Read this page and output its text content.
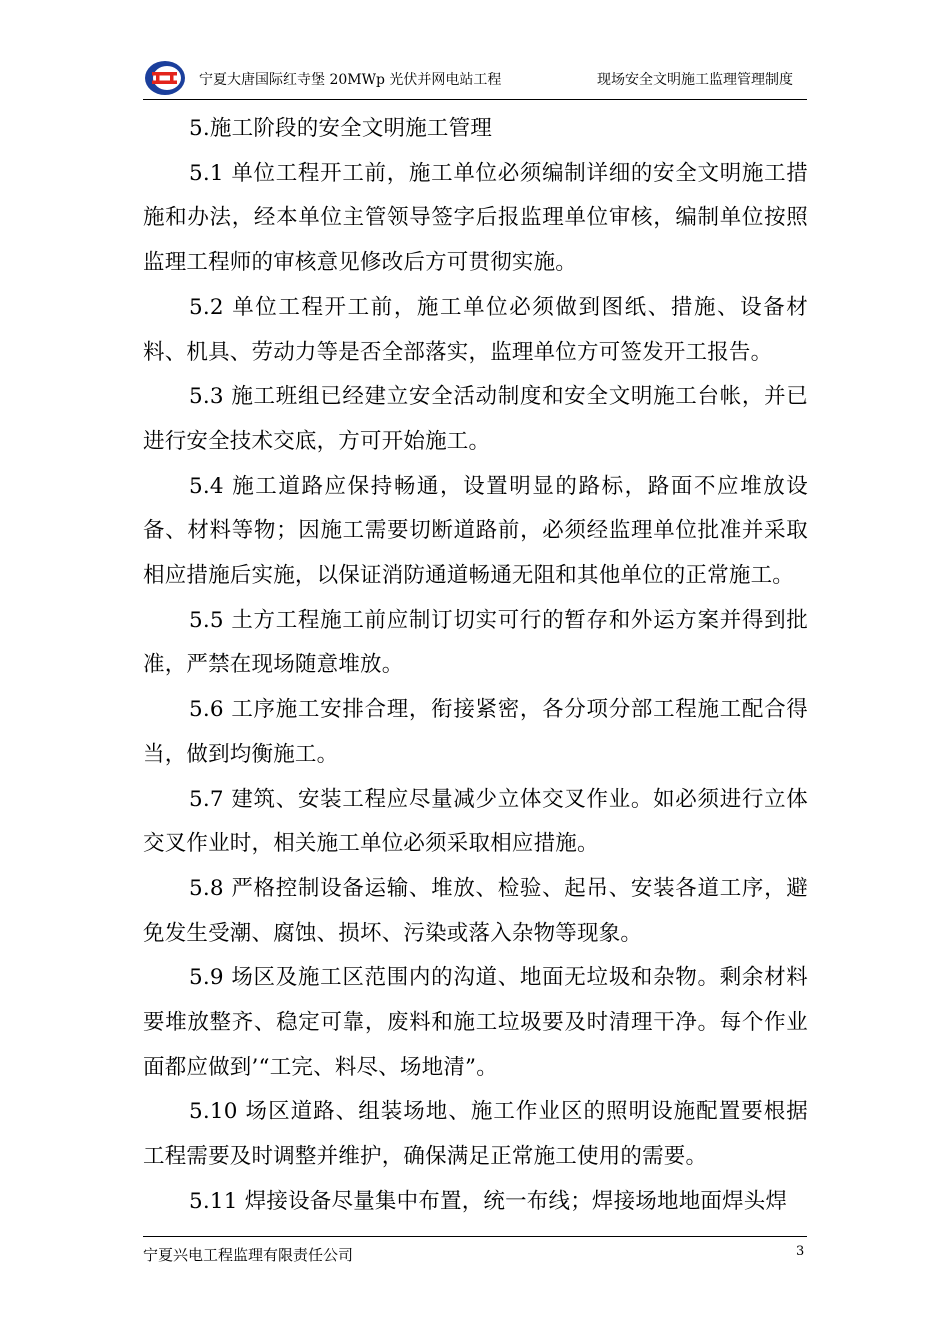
宁夏大唐国际红寺堡 20MWp 光伏并网电站工程	现场安全文明施工监理管理制度

5.施工阶段的安全文明施工管理

5.1 单位工程开工前，施工单位必须编制详细的安全文明施工措施和办法，经本单位主管领导签字后报监理单位审核，编制单位按照监理工程师的审核意见修改后方可贯彻实施。

5.2 单位工程开工前，施工单位必须做到图纸、措施、设备材料、机具、劳动力等是否全部落实，监理单位方可签发开工报告。

5.3 施工班组已经建立安全活动制度和安全文明施工台帐，并已进行安全技术交底，方可开始施工。

5.4 施工道路应保持畅通，设置明显的路标，路面不应堆放设备、材料等物；因施工需要切断道路前，必须经监理单位批准并采取相应措施后实施，以保证消防通道畅通无阻和其他单位的正常施工。

5.5 土方工程施工前应制订切实可行的暂存和外运方案并得到批准，严禁在现场随意堆放。

5.6 工序施工安排合理，衔接紧密，各分项分部工程施工配合得当，做到均衡施工。

5.7 建筑、安装工程应尽量减少立体交叉作业。如必须进行立体交叉作业时，相关施工单位必须采取相应措施。

5.8 严格控制设备运输、堆放、检验、起吊、安装各道工序，避免发生受潮、腐蚀、损坏、污染或落入杂物等现象。

5.9 场区及施工区范围内的沟道、地面无垃圾和杂物。剩余材料要堆放整齐、稳定可靠，废料和施工垃圾要及时清理干净。每个作业面都应做到’“工完、料尽、场地清”。

5.10 场区道路、组装场地、施工作业区的照明设施配置要根据工程需要及时调整并维护，确保满足正常施工使用的需要。

5.11 焊接设备尽量集中布置，统一布线；焊接场地地面焊头焊

宁夏兴电工程监理有限责任公司	3
